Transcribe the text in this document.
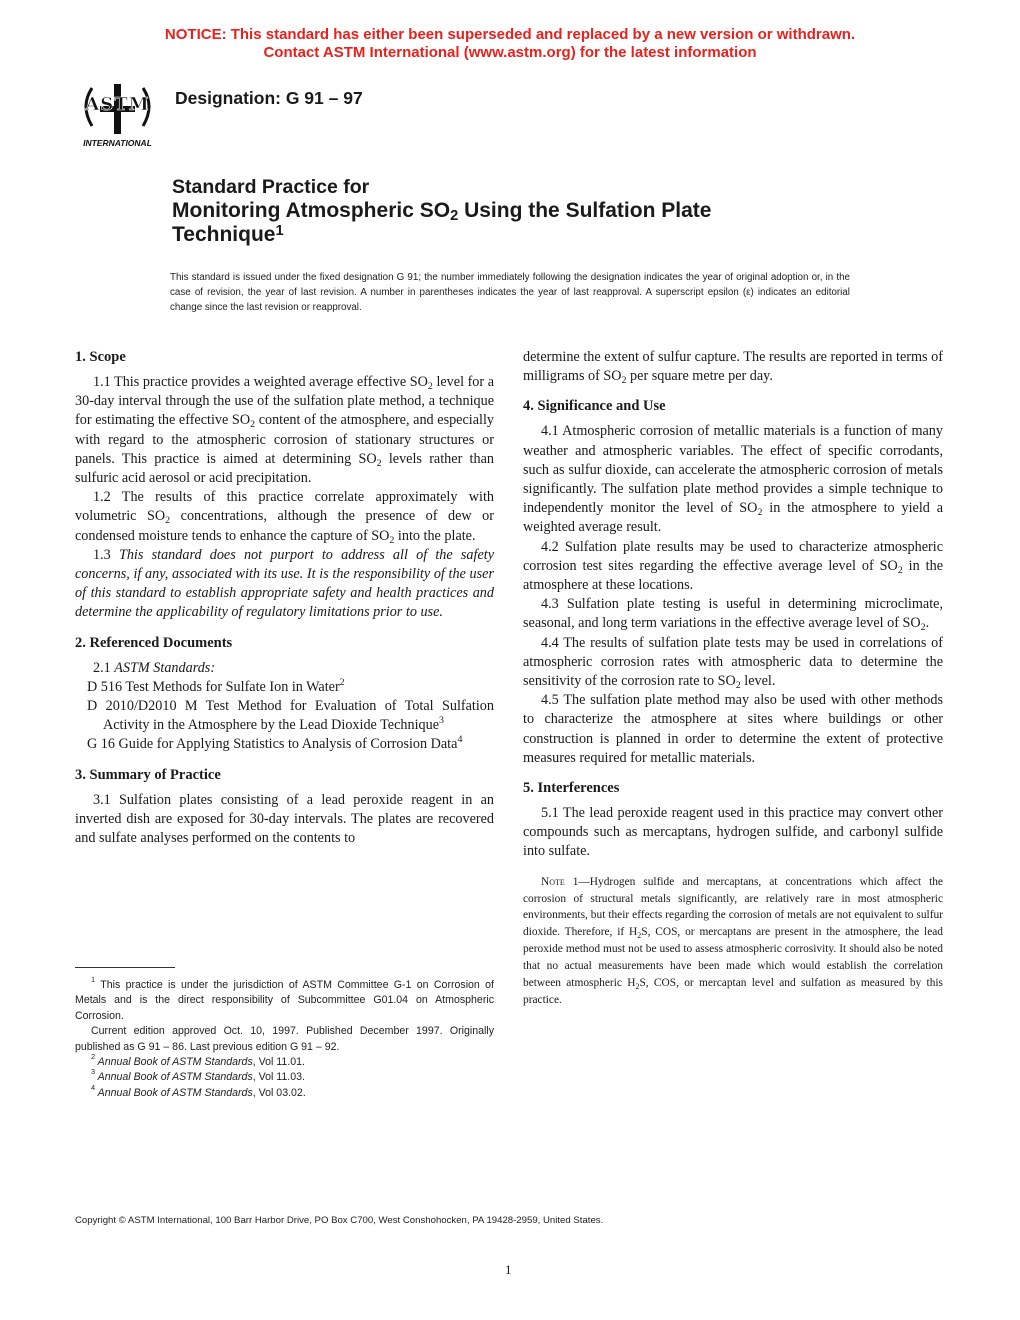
NOTICE: This standard has either been superseded and replaced by a new version or withdrawn.
Contact ASTM International (www.astm.org) for the latest information
ASTM
INTERNATIONAL
Designation: G 91 – 97
Standard Practice for
Monitoring Atmospheric $SO_2$ Using the Sulfation Plate
Technique$^1$
This standard is issued under the fixed designation G 91; the number immediately following the designation indicates the year of original adoption or, in the case of revision, the year of last revision. A number in parentheses indicates the year of last reapproval. A superscript epsilon (ε) indicates an editorial change since the last revision or reapproval.
1. Scope

1.1 This practice provides a weighted average effective $SO_2$ level for a 30-day interval through the use of the sulfation plate method, a technique for estimating the effective $SO_2$ content of the atmosphere, and especially with regard to the atmospheric corrosion of stationary structures or panels. This practice is aimed at determining $SO_2$ levels rather than sulfuric acid aerosol or acid precipitation.

1.2 The results of this practice correlate approximately with volumetric $SO_2$ concentrations, although the presence of dew or condensed moisture tends to enhance the capture of $SO_2$ into the plate.

1.3 This standard does not purport to address all of the safety concerns, if any, associated with its use. It is the responsibility of the user of this standard to establish appropriate safety and health practices and determine the applicability of regulatory limitations prior to use.

2. Referenced Documents

2.1 ASTM Standards:

D 516 Test Methods for Sulfate Ion in Water$^2$

D 2010/D2010 M Test Method for Evaluation of Total Sulfation Activity in the Atmosphere by the Lead Dioxide Technique$^3$

G 16 Guide for Applying Statistics to Analysis of Corrosion Data$^4$

3. Summary of Practice

3.1 Sulfation plates consisting of a lead peroxide reagent in an inverted dish are exposed for 30-day intervals. The plates are recovered and sulfate analyses performed on the contents to

$^1$ This practice is under the jurisdiction of ASTM Committee G-1 on Corrosion of Metals and is the direct responsibility of Subcommittee G01.04 on Atmospheric Corrosion.

Current edition approved Oct. 10, 1997. Published December 1997. Originally published as G 91 – 86. Last previous edition G 91 – 92.

$^2$ Annual Book of ASTM Standards, Vol 11.01.

$^3$ Annual Book of ASTM Standards, Vol 11.03.

$^4$ Annual Book of ASTM Standards, Vol 03.02.

determine the extent of sulfur capture. The results are reported in terms of milligrams of $SO_2$ per square metre per day.

4. Significance and Use

4.1 Atmospheric corrosion of metallic materials is a function of many weather and atmospheric variables. The effect of specific corrodants, such as sulfur dioxide, can accelerate the atmospheric corrosion of metals significantly. The sulfation plate method provides a simple technique to independently monitor the level of $SO_2$ in the atmosphere to yield a weighted average result.

4.2 Sulfation plate results may be used to characterize atmospheric corrosion test sites regarding the effective average level of $SO_2$ in the atmosphere at these locations.

4.3 Sulfation plate testing is useful in determining microclimate, seasonal, and long term variations in the effective average level of $SO_2$.

4.4 The results of sulfation plate tests may be used in correlations of atmospheric corrosion rates with atmospheric data to determine the sensitivity of the corrosion rate to $SO_2$ level.

4.5 The sulfation plate method may also be used with other methods to characterize the atmosphere at sites where buildings or other construction is planned in order to determine the extent of protective measures required for metallic materials.

5. Interferences

5.1 The lead peroxide reagent used in this practice may convert other compounds such as mercaptans, hydrogen sulfide, and carbonyl sulfide into sulfate.

Note 1—Hydrogen sulfide and mercaptans, at concentrations which affect the corrosion of structural metals significantly, are relatively rare in most atmospheric environments, but their effects regarding the corrosion of metals are not equivalent to sulfur dioxide. Therefore, if $H_2S$, COS, or mercaptans are present in the atmosphere, the lead peroxide method must not be used to assess atmospheric corrosivity. It should also be noted that no actual measurements have been made which would establish the correlation between atmospheric $H_2S$, COS, or mercaptan level and sulfation as measured by this practice.

Copyright © ASTM International, 100 Barr Harbor Drive, PO Box C700, West Conshohocken, PA 19428-2959, United States.
1
